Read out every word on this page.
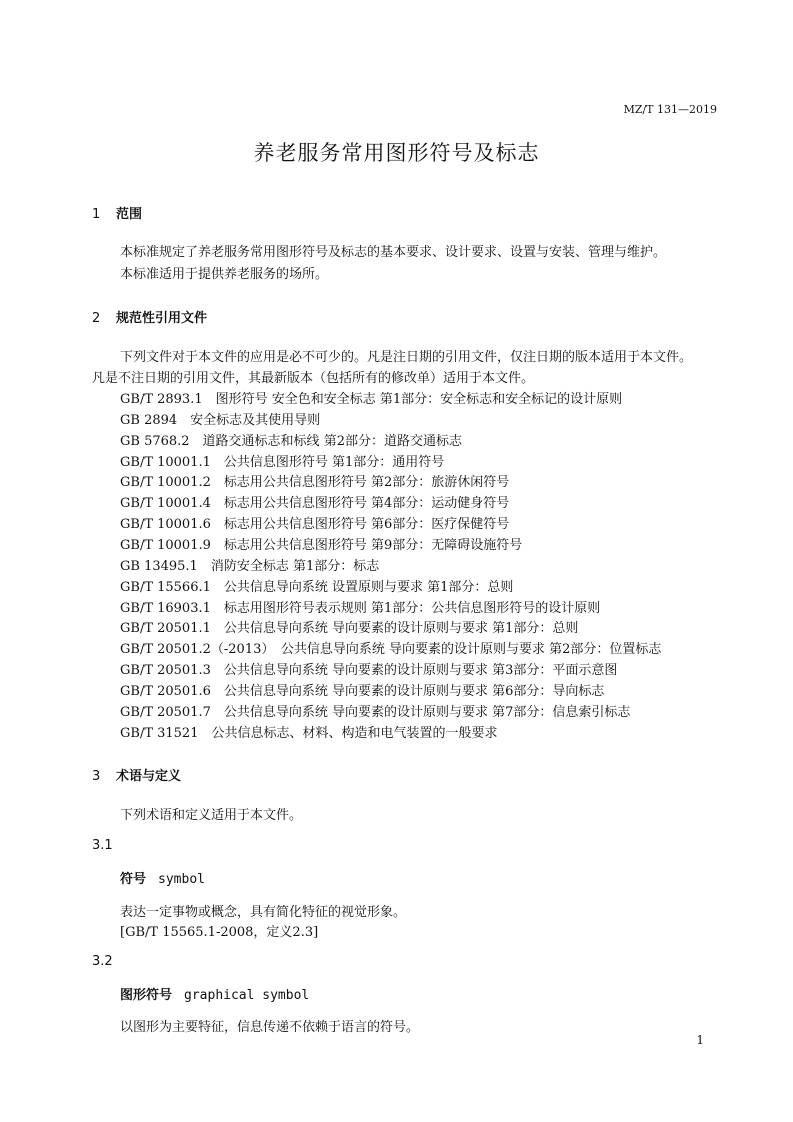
MZ/T 131—2019
养老服务常用图形符号及标志
1 范围
本标准规定了养老服务常用图形符号及标志的基本要求、设计要求、设置与安装、管理与维护。
本标准适用于提供养老服务的场所。
2 规范性引用文件
下列文件对于本文件的应用是必不可少的。凡是注日期的引用文件，仅注日期的版本适用于本文件。
凡是不注日期的引用文件，其最新版本（包括所有的修改单）适用于本文件。
GB/T 2893.1　图形符号 安全色和安全标志 第1部分：安全标志和安全标记的设计原则
GB 2894　安全标志及其使用导则
GB 5768.2　道路交通标志和标线 第2部分：道路交通标志
GB/T 10001.1　公共信息图形符号 第1部分：通用符号
GB/T 10001.2　标志用公共信息图形符号 第2部分：旅游休闲符号
GB/T 10001.4　标志用公共信息图形符号 第4部分：运动健身符号
GB/T 10001.6　标志用公共信息图形符号 第6部分：医疗保健符号
GB/T 10001.9　标志用公共信息图形符号 第9部分：无障碍设施符号
GB 13495.1　消防安全标志 第1部分：标志
GB/T 15566.1　公共信息导向系统 设置原则与要求 第1部分：总则
GB/T 16903.1　标志用图形符号表示规则 第1部分：公共信息图形符号的设计原则
GB/T 20501.1　公共信息导向系统 导向要素的设计原则与要求 第1部分：总则
GB/T 20501.2（-2013）　公共信息导向系统 导向要素的设计原则与要求 第2部分：位置标志
GB/T 20501.3　公共信息导向系统 导向要素的设计原则与要求 第3部分：平面示意图
GB/T 20501.6　公共信息导向系统 导向要素的设计原则与要求 第6部分：导向标志
GB/T 20501.7　公共信息导向系统 导向要素的设计原则与要求 第7部分：信息索引标志
GB/T 31521　公共信息标志、材料、构造和电气装置的一般要求
3 术语与定义
下列术语和定义适用于本文件。
3.1
符号 symbol
表达一定事物或概念，具有简化特征的视觉形象。
[GB/T 15565.1-2008，定义2.3]
3.2
图形符号 graphical symbol
以图形为主要特征，信息传递不依赖于语言的符号。
1
